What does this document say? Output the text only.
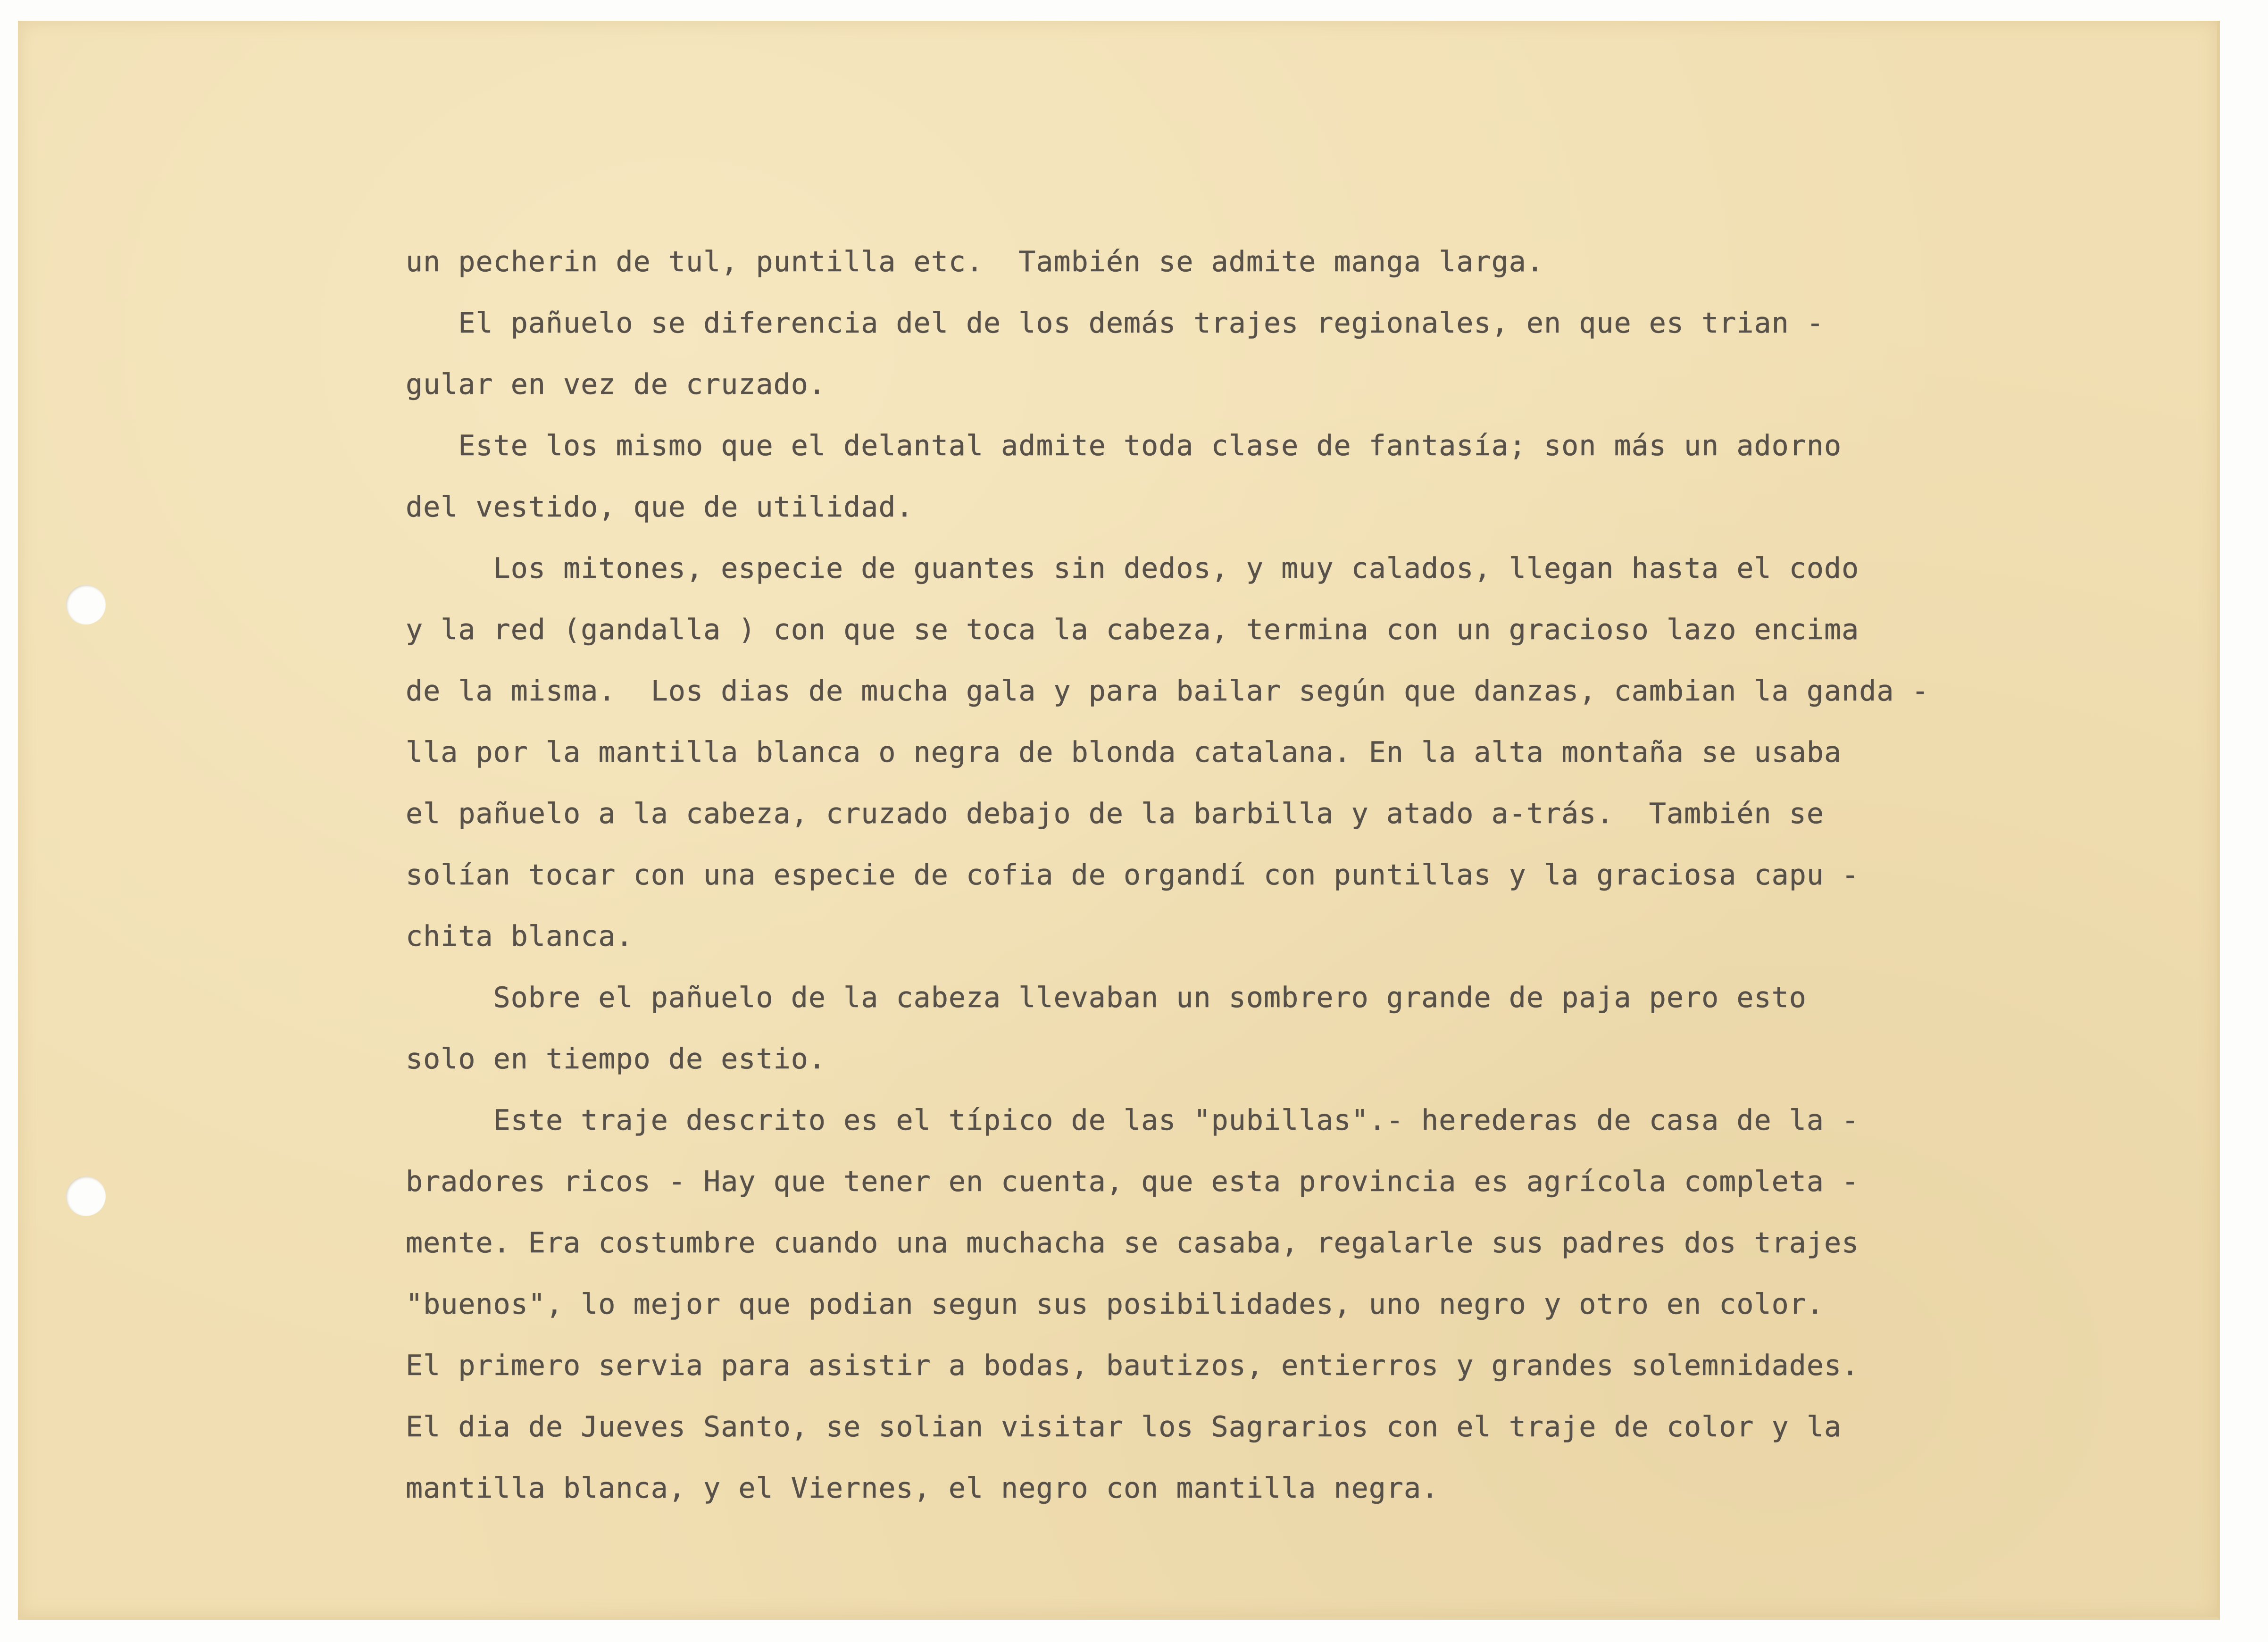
un pecherin de tul, puntilla etc.  También se admite manga larga.
El pañuelo se diferencia del de los demás trajes regionales, en que es trian -
gular en vez de cruzado.
Este los mismo que el delantal admite toda clase de fantasía; son más un adorno
del vestido, que de utilidad.
Los mitones, especie de guantes sin dedos, y muy calados, llegan hasta el codo
y la red (gandalla ) con que se toca la cabeza, termina con un gracioso lazo encima
de la misma.  Los dias de mucha gala y para bailar según que danzas, cambian la ganda -
lla por la mantilla blanca o negra de blonda catalana. En la alta montaña se usaba
el pañuelo a la cabeza, cruzado debajo de la barbilla y atado a-trás.  También se
solían tocar con una especie de cofia de organdí con puntillas y la graciosa capu -
chita blanca.
Sobre el pañuelo de la cabeza llevaban un sombrero grande de paja pero esto
solo en tiempo de estio.
Este traje descrito es el típico de las "pubillas".- herederas de casa de la -
bradores ricos - Hay que tener en cuenta, que esta provincia es agrícola completa -
mente. Era costumbre cuando una muchacha se casaba, regalarle sus padres dos trajes
"buenos", lo mejor que podian segun sus posibilidades, uno negro y otro en color.
El primero servia para asistir a bodas, bautizos, entierros y grandes solemnidades.
El dia de Jueves Santo, se solian visitar los Sagrarios con el traje de color y la
mantilla blanca, y el Viernes, el negro con mantilla negra.
